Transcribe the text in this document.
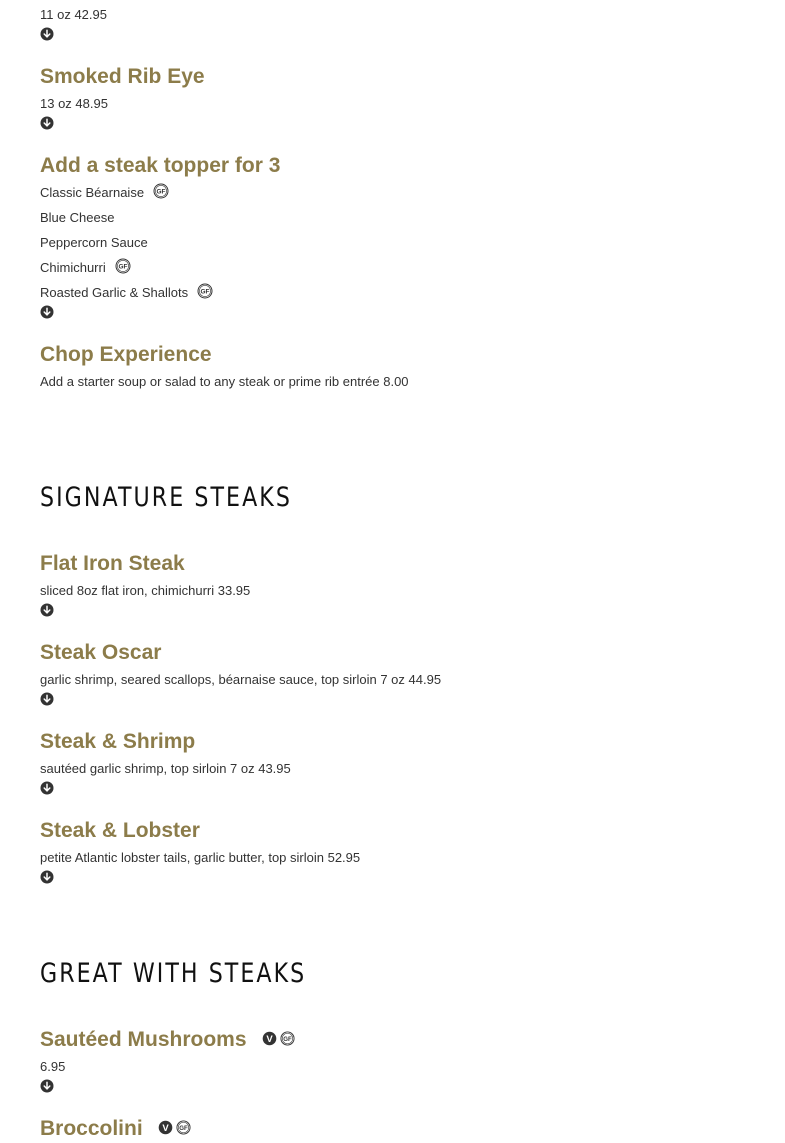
11 oz 42.95
Smoked Rib Eye
13 oz 48.95
Add a steak topper for 3
Classic Béarnaise GF
Blue Cheese
Peppercorn Sauce
Chimichurri GF
Roasted Garlic & Shallots GF
Chop Experience
Add a starter soup or salad to any steak or prime rib entrée 8.00
SIGNATURE STEAKS
Flat Iron Steak
sliced 8oz flat iron, chimichurri 33.95
Steak Oscar
garlic shrimp, seared scallops, béarnaise sauce, top sirloin 7 oz 44.95
Steak & Shrimp
sautéed garlic shrimp, top sirloin 7 oz 43.95
Steak & Lobster
petite Atlantic lobster tails, garlic butter, top sirloin 52.95
GREAT WITH STEAKS
Sautéed Mushrooms V GF
6.95
Broccolini V GF
